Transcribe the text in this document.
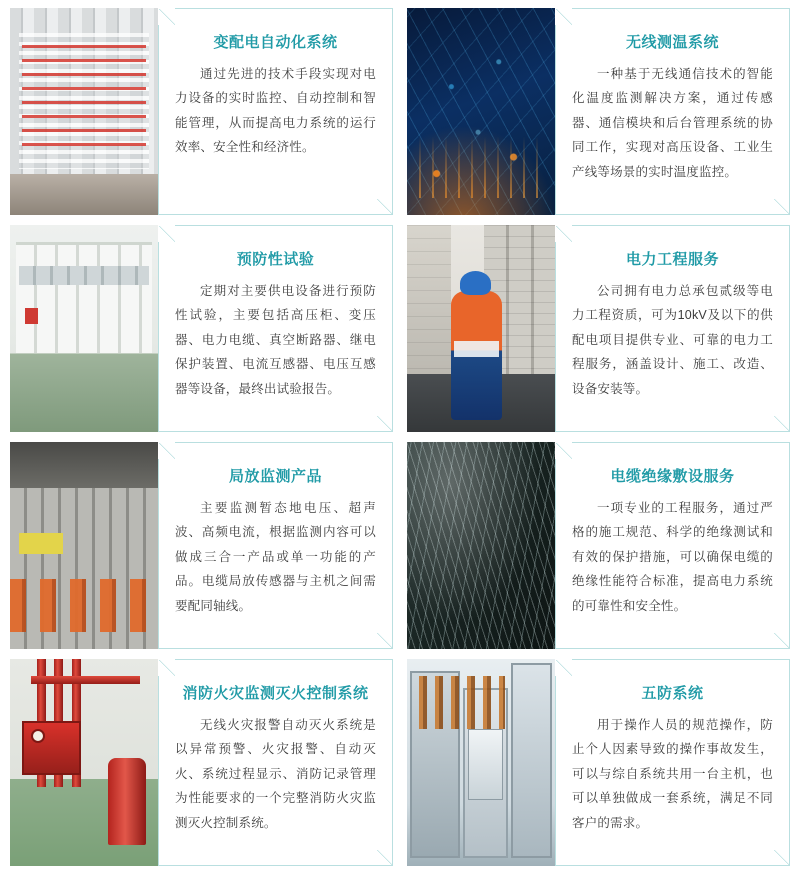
变配电自动化系统
通过先进的技术手段实现对电力设备的实时监控、自动控制和智能管理，从而提高电力系统的运行效率、安全性和经济性。
无线测温系统
一种基于无线通信技术的智能化温度监测解决方案，通过传感器、通信模块和后台管理系统的协同工作，实现对高压设备、工业生产线等场景的实时温度监控。
预防性试验
定期对主要供电设备进行预防性试验，主要包括高压柜、变压器、电力电缆、真空断路器、继电保护装置、电流互感器、电压互感器等设备，最终出试验报告。
电力工程服务
公司拥有电力总承包贰级等电力工程资质，可为10kV及以下的供配电项目提供专业、可靠的电力工程服务，涵盖设计、施工、改造、设备安装等。
局放监测产品
主要监测暂态地电压、超声波、高频电流，根据监测内容可以做成三合一产品或单一功能的产品。电缆局放传感器与主机之间需要配同轴线。
电缆绝缘敷设服务
一项专业的工程服务，通过严格的施工规范、科学的绝缘测试和有效的保护措施，可以确保电缆的绝缘性能符合标准，提高电力系统的可靠性和安全性。
消防火灾监测灭火控制系统
无线火灾报警自动灭火系统是以异常预警、火灾报警、自动灭火、系统过程显示、消防记录管理为性能要求的一个完整消防火灾监测灭火控制系统。
五防系统
用于操作人员的规范操作，防止个人因素导致的操作事故发生，可以与综自系统共用一台主机，也可以单独做成一套系统，满足不同客户的需求。
